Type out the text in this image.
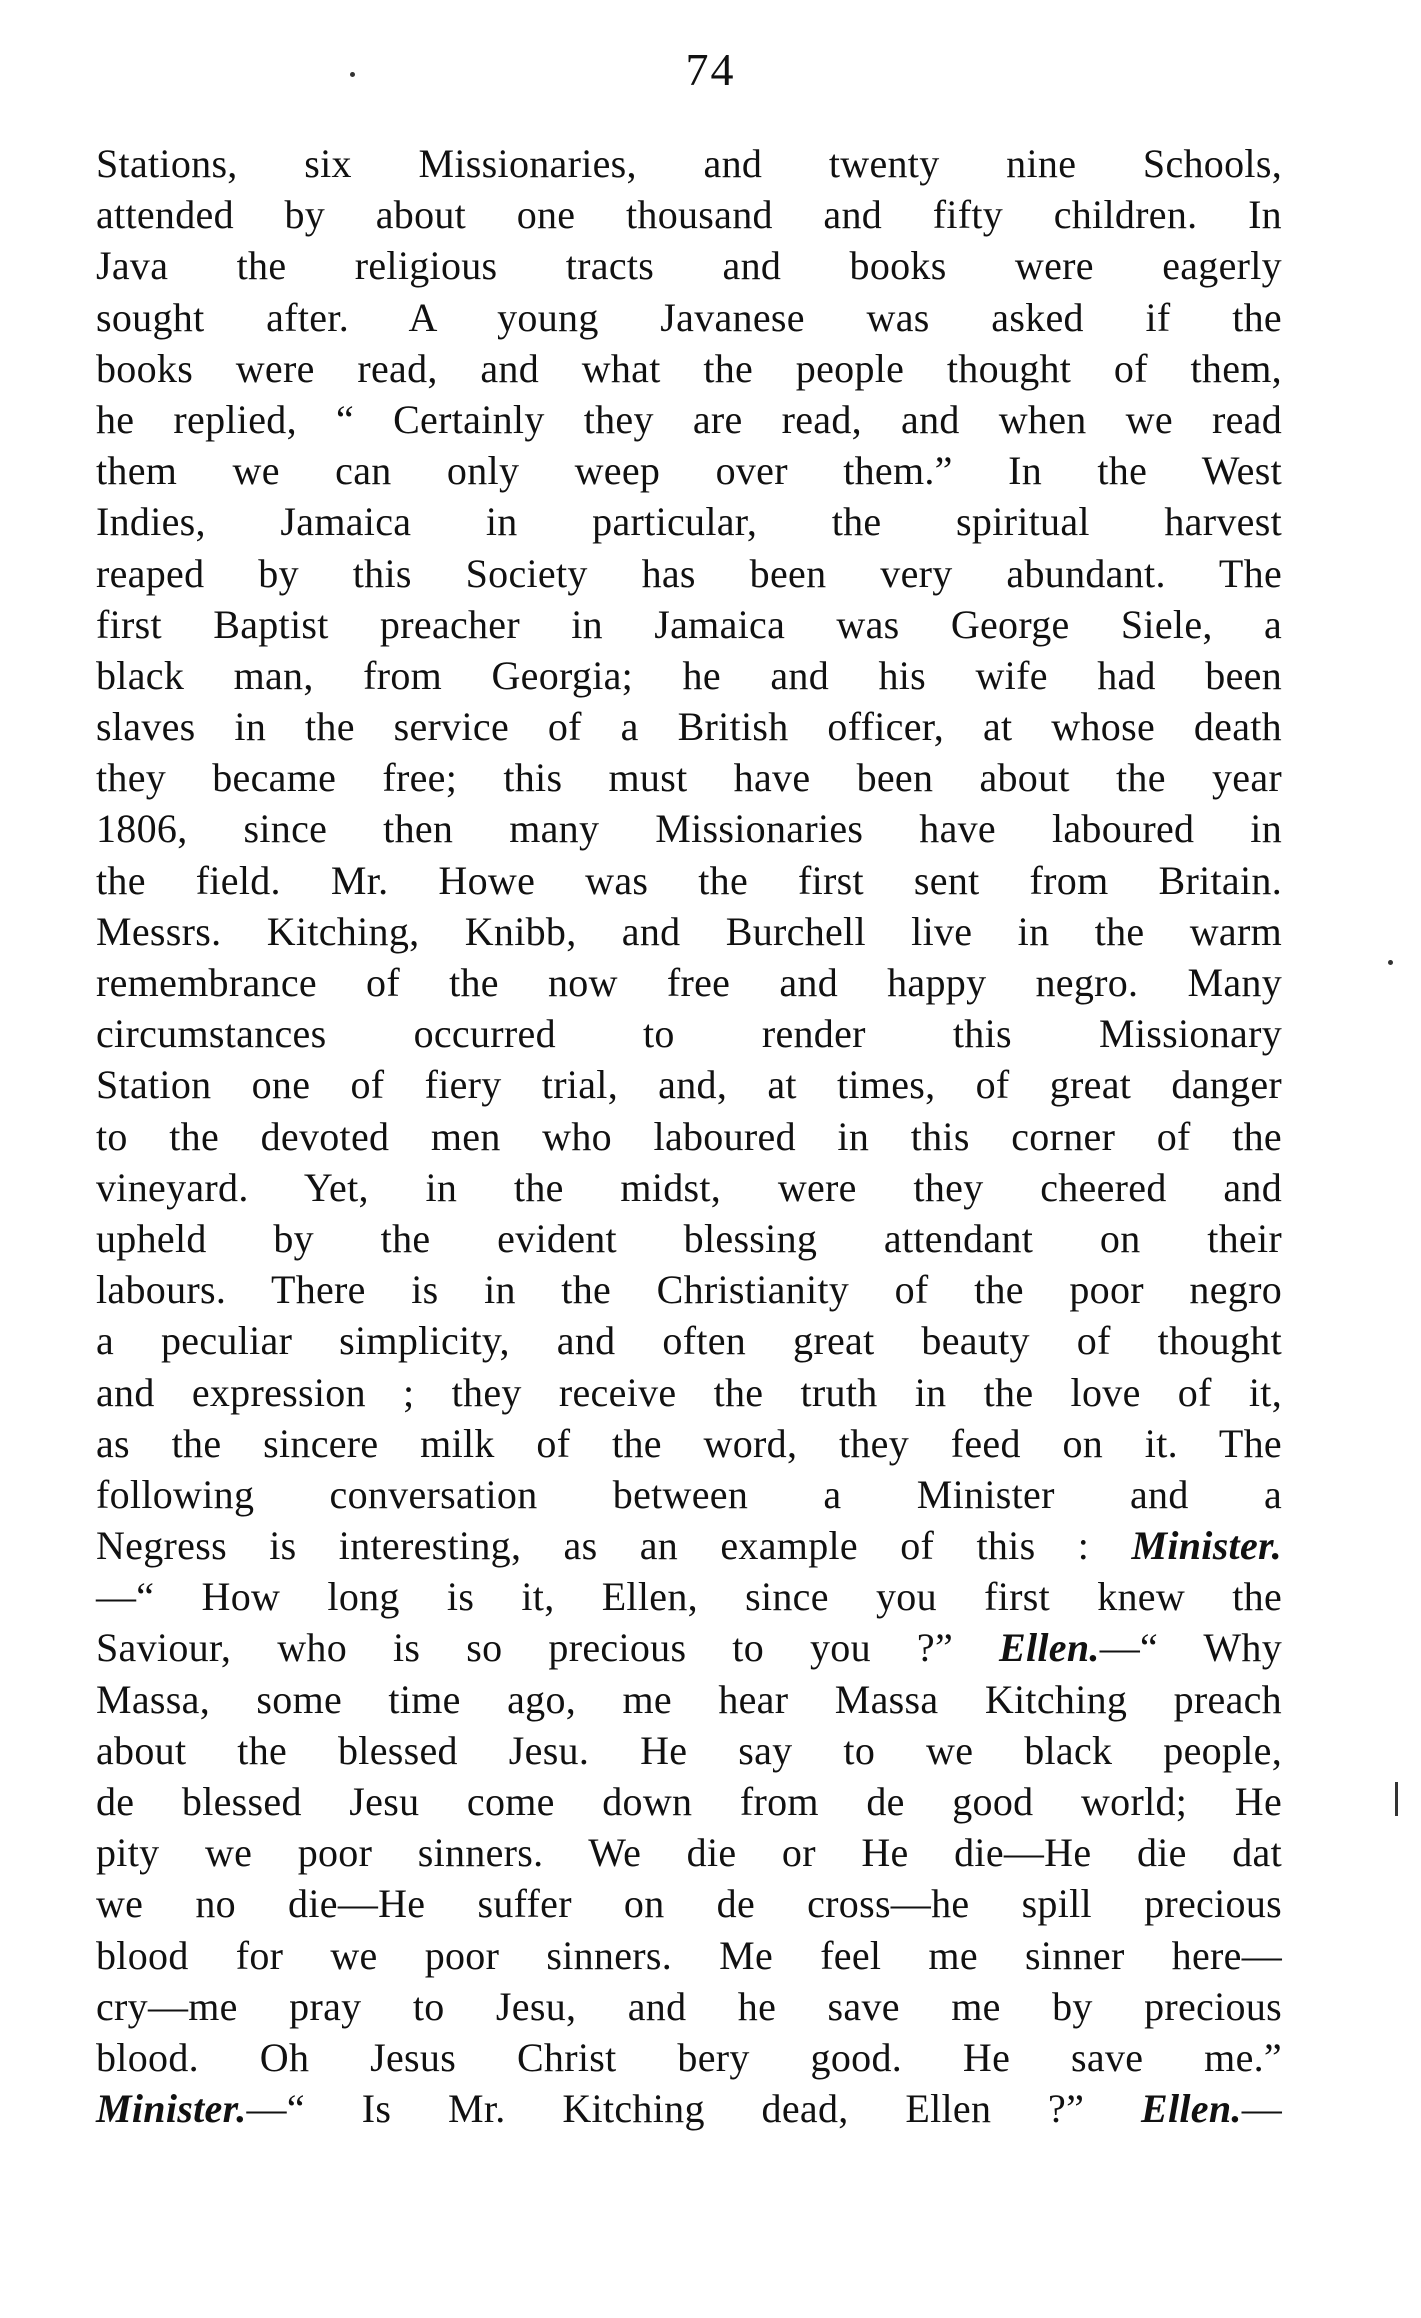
74
Stations, six Missionaries, and twenty nine Schools,
attended by about one thousand and fifty children. In
Java the religious tracts and books were eagerly
sought after. A young Javanese was asked if the
books were read, and what the people thought of them,
he replied, “ Certainly they are read, and when we read
them we can only weep over them.” In the West
Indies, Jamaica in particular, the spiritual harvest
reaped by this Society has been very abundant. The
first Baptist preacher in Jamaica was George Siele, a
black man, from Georgia; he and his wife had been
slaves in the service of a British officer, at whose death
they became free; this must have been about the year
1806, since then many Missionaries have laboured in
the field. Mr. Howe was the first sent from Britain.
Messrs. Kitching, Knibb, and Burchell live in the warm
remembrance of the now free and happy negro. Many
circumstances occurred to render this Missionary
Station one of fiery trial, and, at times, of great danger
to the devoted men who laboured in this corner of the
vineyard. Yet, in the midst, were they cheered and
upheld by the evident blessing attendant on their
labours. There is in the Christianity of the poor negro
a peculiar simplicity, and often great beauty of thought
and expression ; they receive the truth in the love of it,
as the sincere milk of the word, they feed on it. The
following conversation between a Minister and a
Negress is interesting, as an example of this : Minister.
—“ How long is it, Ellen, since you first knew the
Saviour, who is so precious to you ?” Ellen.—“ Why
Massa, some time ago, me hear Massa Kitching preach
about the blessed Jesu. He say to we black people,
de blessed Jesu come down from de good world; He
pity we poor sinners. We die or He die—He die dat
we no die—He suffer on de cross—he spill precious
blood for we poor sinners. Me feel me sinner here—
cry—me pray to Jesu, and he save me by precious
blood. Oh Jesus Christ bery good. He save me.”
Minister.—“ Is Mr. Kitching dead, Ellen ?” Ellen.—
